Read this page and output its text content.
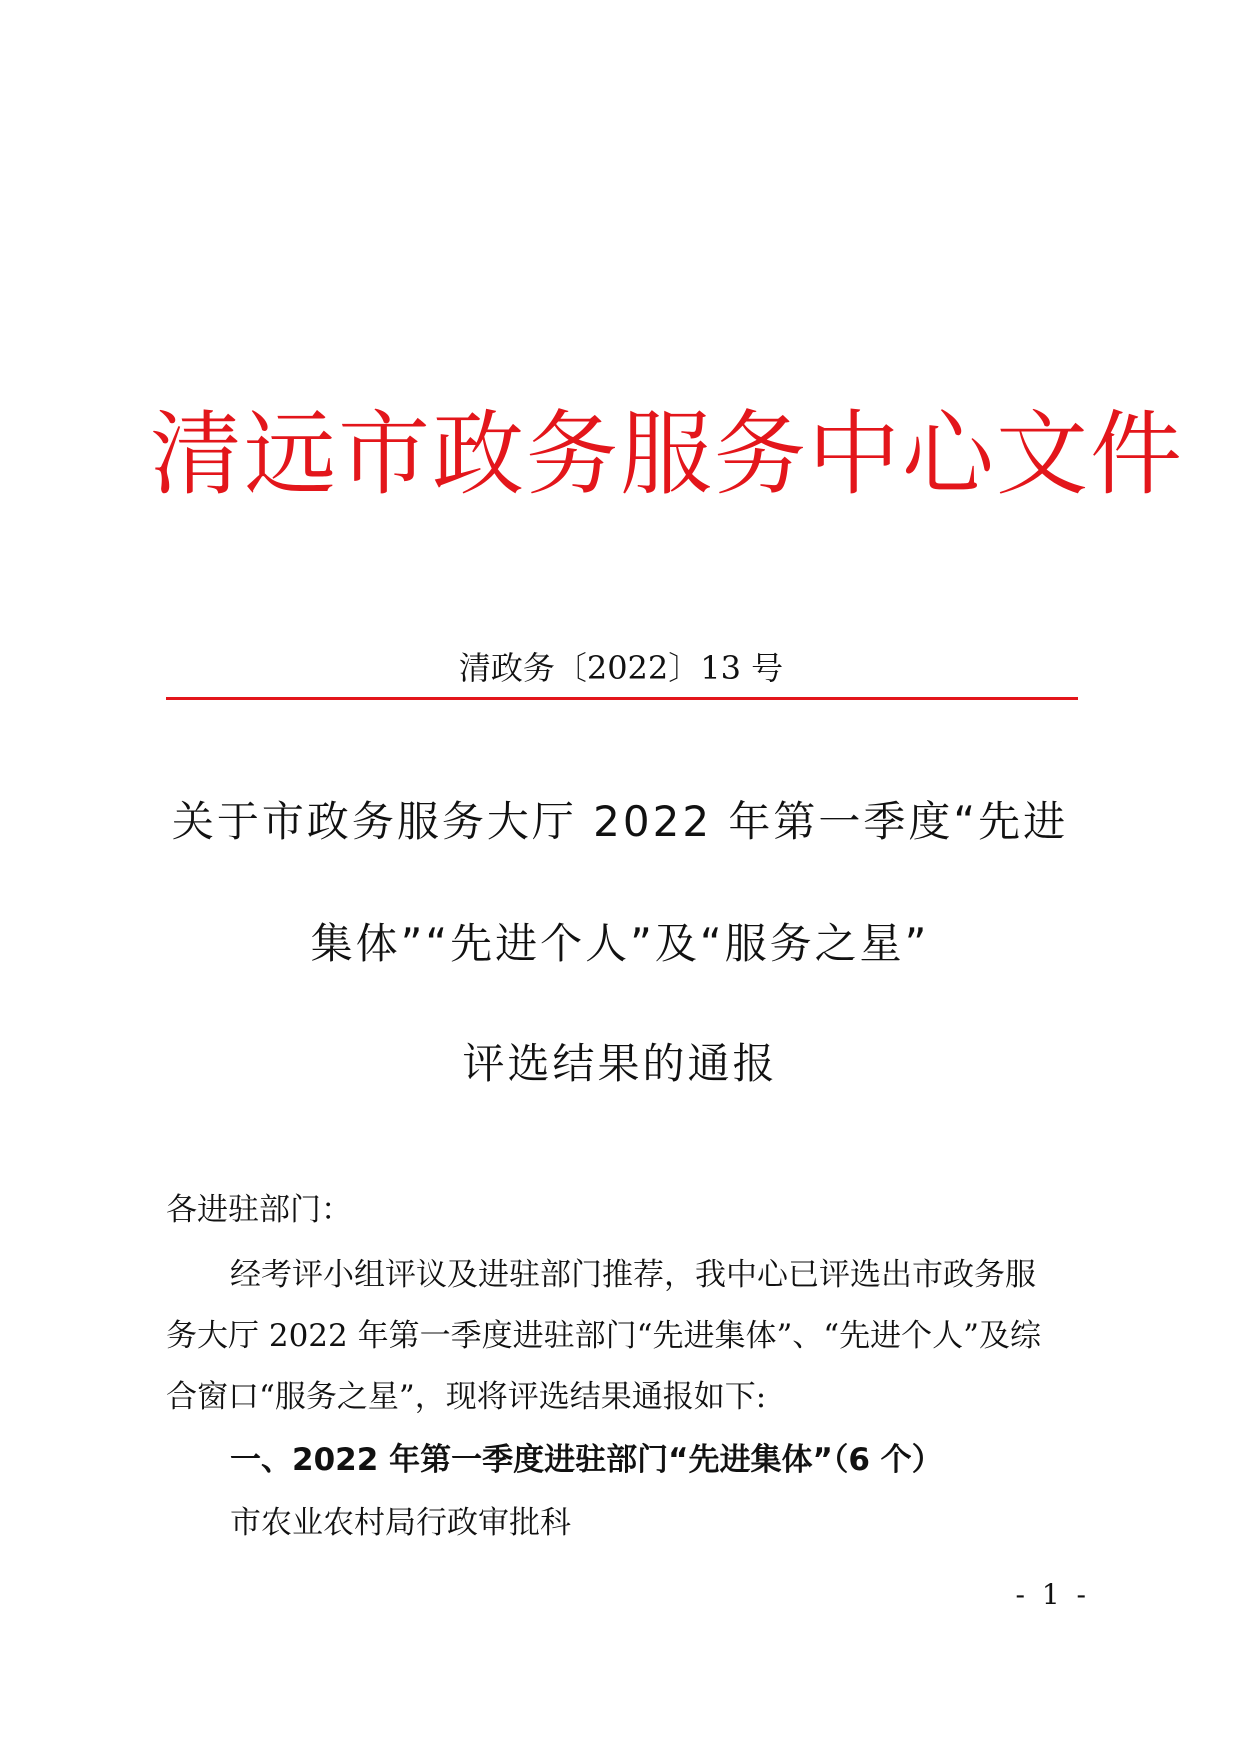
清远市政务服务中心文件
清政务〔2022〕13 号
关于市政务服务大厅 2022 年第一季度“先进
集体”“先进个人”及“服务之星”
评选结果的通报
各进驻部门：
经考评小组评议及进驻部门推荐，我中心已评选出市政务服
务大厅 2022 年第一季度进驻部门“先进集体”、“先进个人”及综
合窗口“服务之星”，现将评选结果通报如下:
一、2022 年第一季度进驻部门“先进集体”（6 个）
市农业农村局行政审批科
- 1 -
